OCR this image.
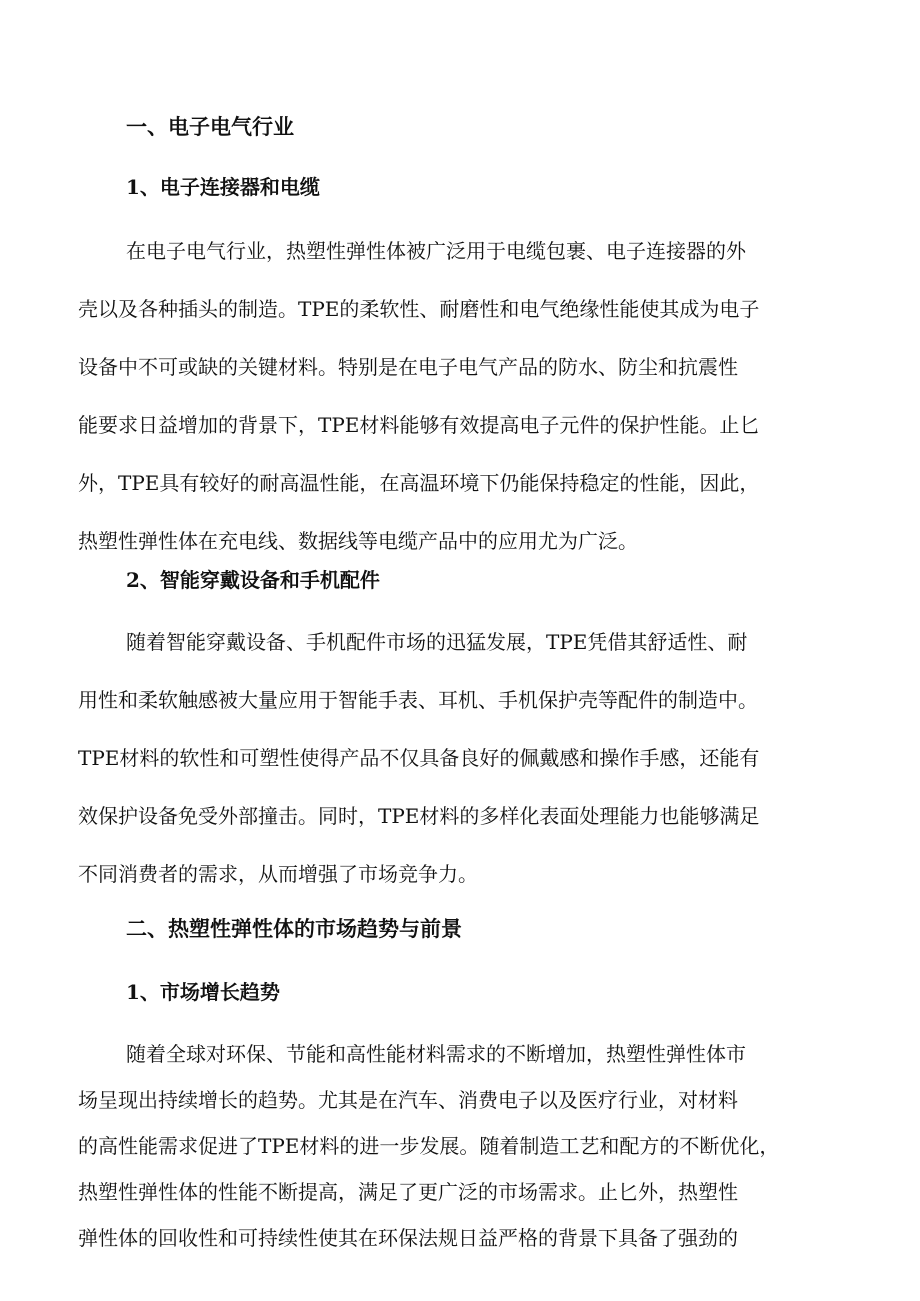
一、电子电气行业
1、电子连接器和电缆
在电子电气行业，热塑性弹性体被广泛用于电缆包裹、电子连接器的外
壳以及各种插头的制造。TPE的柔软性、耐磨性和电气绝缘性能使其成为电子
设备中不可或缺的关键材料。特别是在电子电气产品的防水、防尘和抗震性
能要求日益增加的背景下，TPE材料能够有效提高电子元件的保护性能。止匕
外，TPE具有较好的耐高温性能，在高温环境下仍能保持稳定的性能，因此，
热塑性弹性体在充电线、数据线等电缆产品中的应用尤为广泛。
2、智能穿戴设备和手机配件
随着智能穿戴设备、手机配件市场的迅猛发展，TPE凭借其舒适性、耐
用性和柔软触感被大量应用于智能手表、耳机、手机保护壳等配件的制造中。
TPE材料的软性和可塑性使得产品不仅具备良好的佩戴感和操作手感，还能有
效保护设备免受外部撞击。同时，TPE材料的多样化表面处理能力也能够满足
不同消费者的需求，从而增强了市场竞争力。
二、热塑性弹性体的市场趋势与前景
1、市场增长趋势
随着全球对环保、节能和高性能材料需求的不断增加，热塑性弹性体市
场呈现出持续增长的趋势。尤其是在汽车、消费电子以及医疗行业，对材料
的高性能需求促进了TPE材料的进一步发展。随着制造工艺和配方的不断优化，
热塑性弹性体的性能不断提高，满足了更广泛的市场需求。止匕外，热塑性
弹性体的回收性和可持续性使其在环保法规日益严格的背景下具备了强劲的
